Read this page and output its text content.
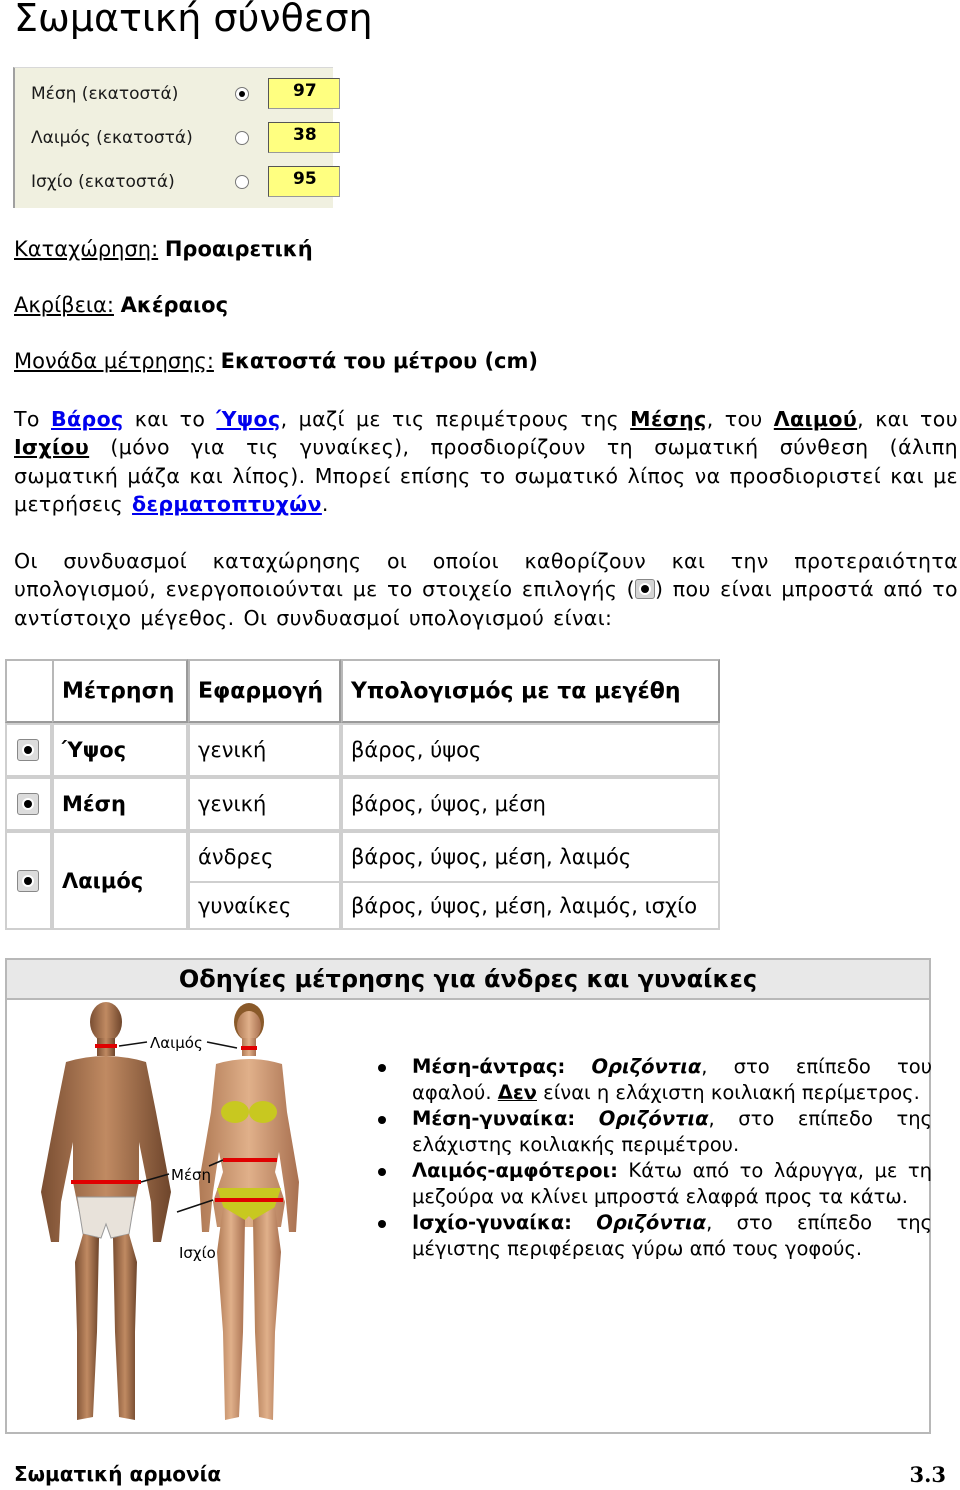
Σωματική σύνθεση
Μέση (εκατοστά)	97
Λαιμός (εκατοστά)	38
Ισχίο (εκατοστά)	95
Καταχώρηση: Προαιρετική
Ακρίβεια: Ακέραιος
Μονάδα μέτρησης: Εκατοστά του μέτρου (cm)

Το Βάρος και το Ύψος, μαζί με τις περιμέτρους της Μέσης, του Λαιμού, και του Ισχίου (μόνο για τις γυναίκες), προσδιορίζουν τη σωματική σύνθεση (άλιπη σωματική μάζα και λίπος). Μπορεί επίσης το σωματικό λίπος να προσδιοριστεί και με μετρήσεις δερματοπτυχών.

Οι συνδυασμοί καταχώρησης οι οποίοι καθορίζουν και την προτεραιότητα υπολογισμού, ενεργοποιούνται με το στοιχείο επιλογής ( ) που είναι μπροστά από το αντίστοιχο μέγεθος. Οι συνδυασμοί υπολογισμού είναι:

Μέτρηση	Εφαρμογή	Υπολογισμός με τα μεγέθη
Ύψος	γενική	βάρος, ύψος
Μέση	γενική	βάρος, ύψος, μέση
Λαιμός
άνδρες	βάρος, ύψος, μέση, λαιμός
γυναίκες	βάρος, ύψος, μέση, λαιμός, ισχίο
Οδηγίες μέτρησης για άνδρες και γυναίκες
Λαιμός
Μέση
Ισχίο
Μέση-άντρας: Οριζόντια, στο επίπεδο του αφαλού. Δεν είναι η ελάχιστη κοιλιακή περίμετρος.
Μέση-γυναίκα: Οριζόντια, στο επίπεδο της ελάχιστης κοιλιακής περιμέτρου.
Λαιμός-αμφότεροι: Κάτω από το λάρυγγα, με τη μεζούρα να κλίνει μπροστά ελαφρά προς τα κάτω.
Ισχίο-γυναίκα: Οριζόντια, στο επίπεδο της μέγιστης περιφέρειας γύρω από τους γοφούς.
Σωματική αρμονία	3.3
